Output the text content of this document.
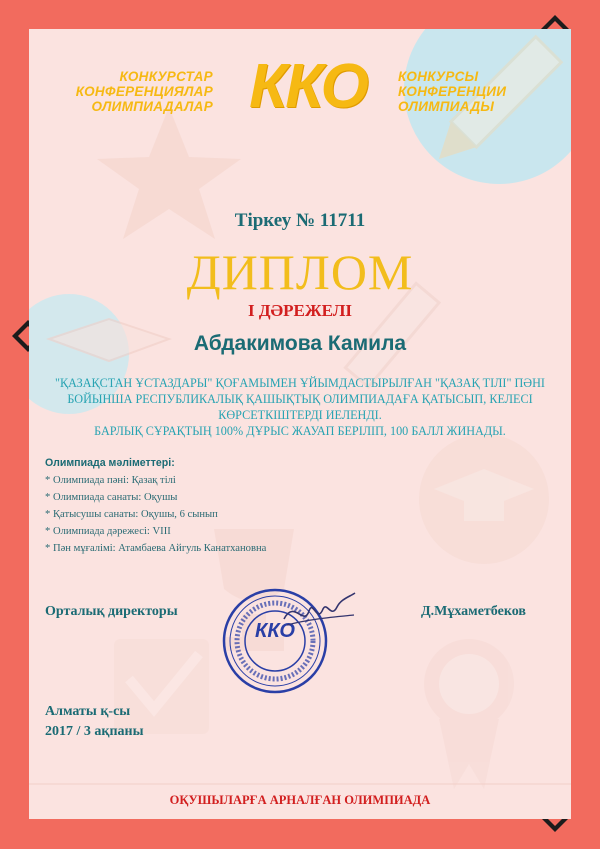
КОНКУРСТАР
КОНФЕРЕНЦИЯЛАР
ОЛИМПИАДАЛАР ККО	КОНКУРСЫ
КОНФЕРЕНЦИИ
ОЛИМПИАДЫ
Тіркеу № 11711
ДИПЛОМ
І ДӘРЕЖЕЛІ
Абдакимова Камила
"ҚАЗАҚСТАН ҰСТАЗДАРЫ" ҚОҒАМЫМЕН ҰЙЫМДАСТЫРЫЛҒАН "ҚАЗАҚ ТІЛІ" ПӘНІ
БОЙЫНША РЕСПУБЛИКАЛЫҚ ҚАШЫҚТЫҚ ОЛИМПИАДАҒА ҚАТЫСЫП, КЕЛЕСІ
КӨРСЕТКІШТЕРДІ ИЕЛЕНДІ.
БАРЛЫҚ СҰРАҚТЫҢ 100% ДҰРЫС ЖАУАП БЕРІЛІП, 100 БАЛЛ ЖИНАДЫ.
Олимпиада мәліметтері:
* Олимпиада пәні: Қазақ тілі
* Олимпиада санаты: Оқушы
* Қатысушы санаты: Оқушы, 6 сынып
* Олимпиада дәрежесі: VIII
* Пән мұғалімі: Атамбаева Айгуль Канатхановна
Орталық директоры	Д.Мұхаметбеков
ККО
Алматы қ-сы
2017 / 3 ақпаны
ОҚУШЫЛАРҒА АРНАЛҒАН ОЛИМПИАДА
